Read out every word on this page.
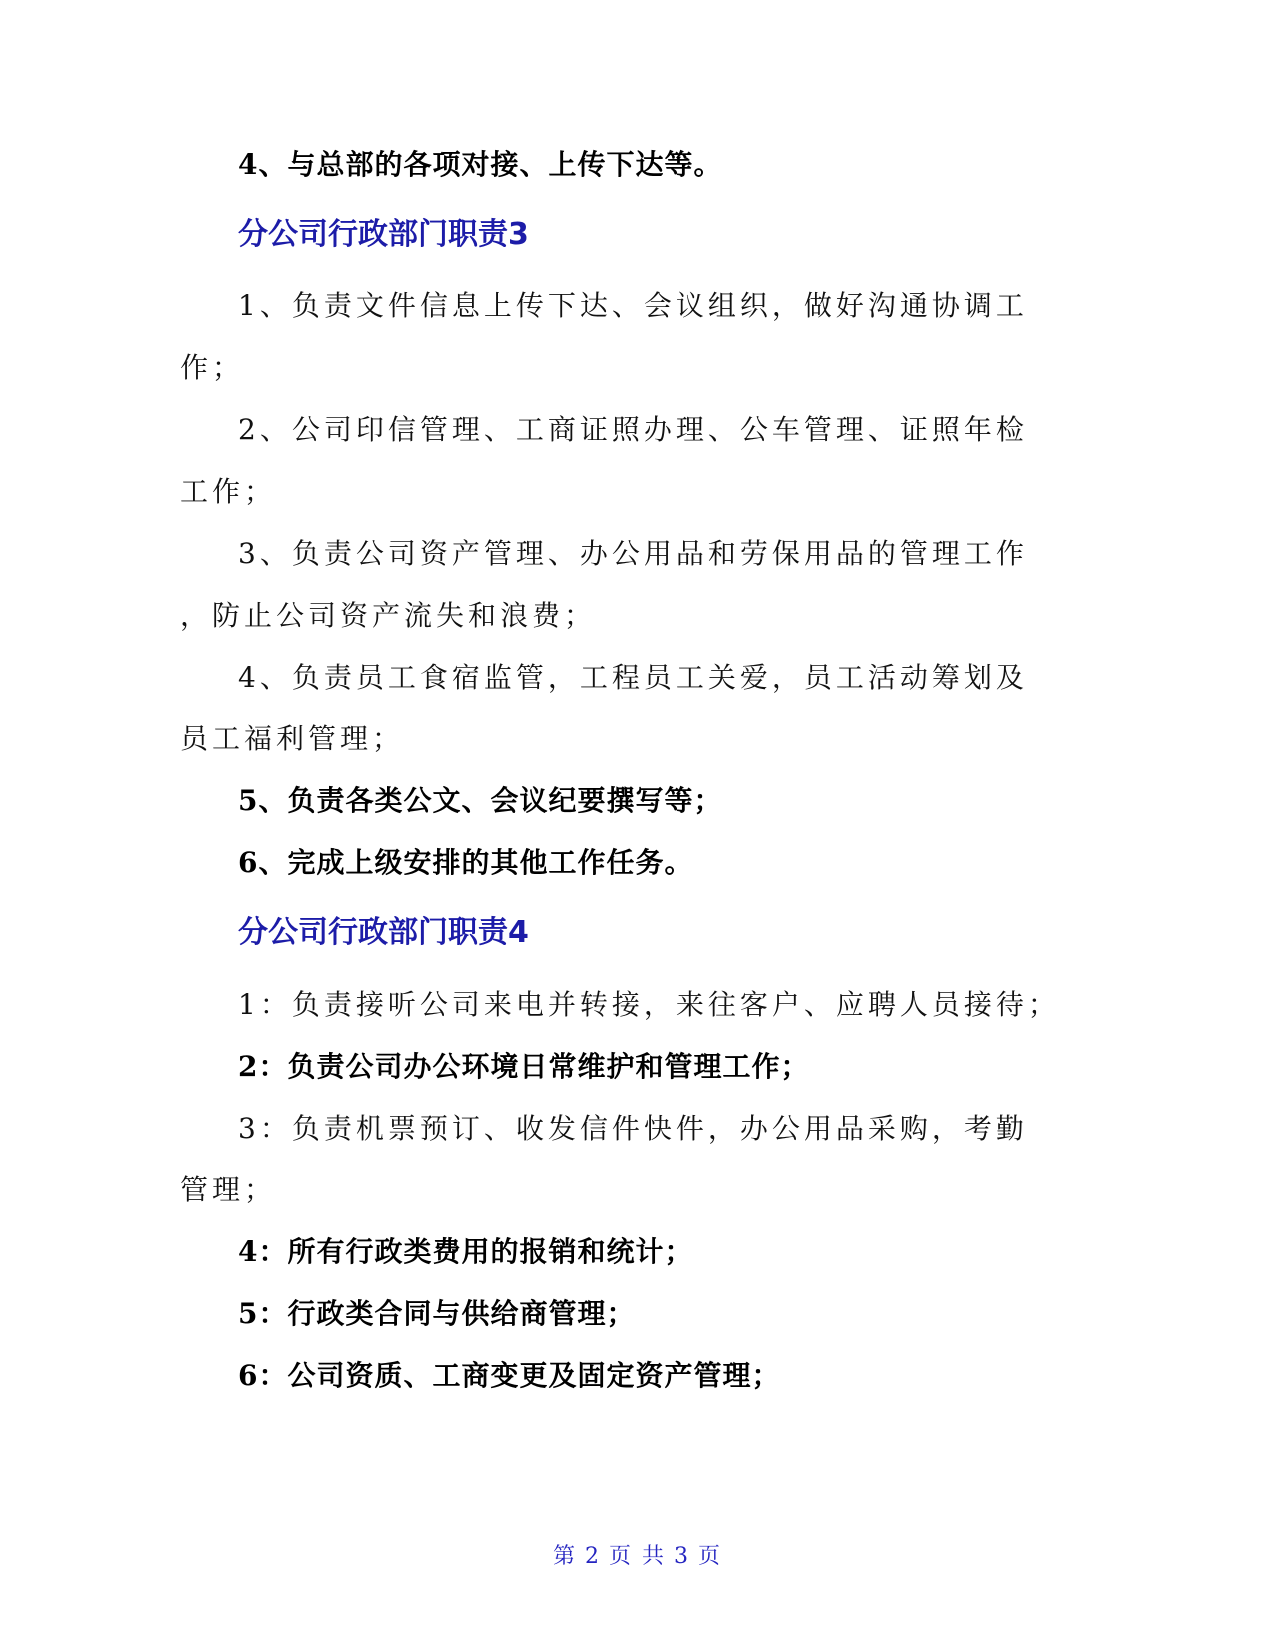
4、与总部的各项对接、上传下达等。

分公司行政部门职责3

1、负责文件信息上传下达、会议组织，做好沟通协调工

作；

2、公司印信管理、工商证照办理、公车管理、证照年检

工作；

3、负责公司资产管理、办公用品和劳保用品的管理工作

，防止公司资产流失和浪费；

4、负责员工食宿监管，工程员工关爱，员工活动筹划及

员工福利管理；

5、负责各类公文、会议纪要撰写等；

6、完成上级安排的其他工作任务。

分公司行政部门职责4

1：负责接听公司来电并转接，来往客户、应聘人员接待；

2：负责公司办公环境日常维护和管理工作；

3：负责机票预订、收发信件快件，办公用品采购，考勤

管理；

4：所有行政类费用的报销和统计；

5：行政类合同与供给商管理；

6：公司资质、工商变更及固定资产管理；

第 2 页 共 3 页
